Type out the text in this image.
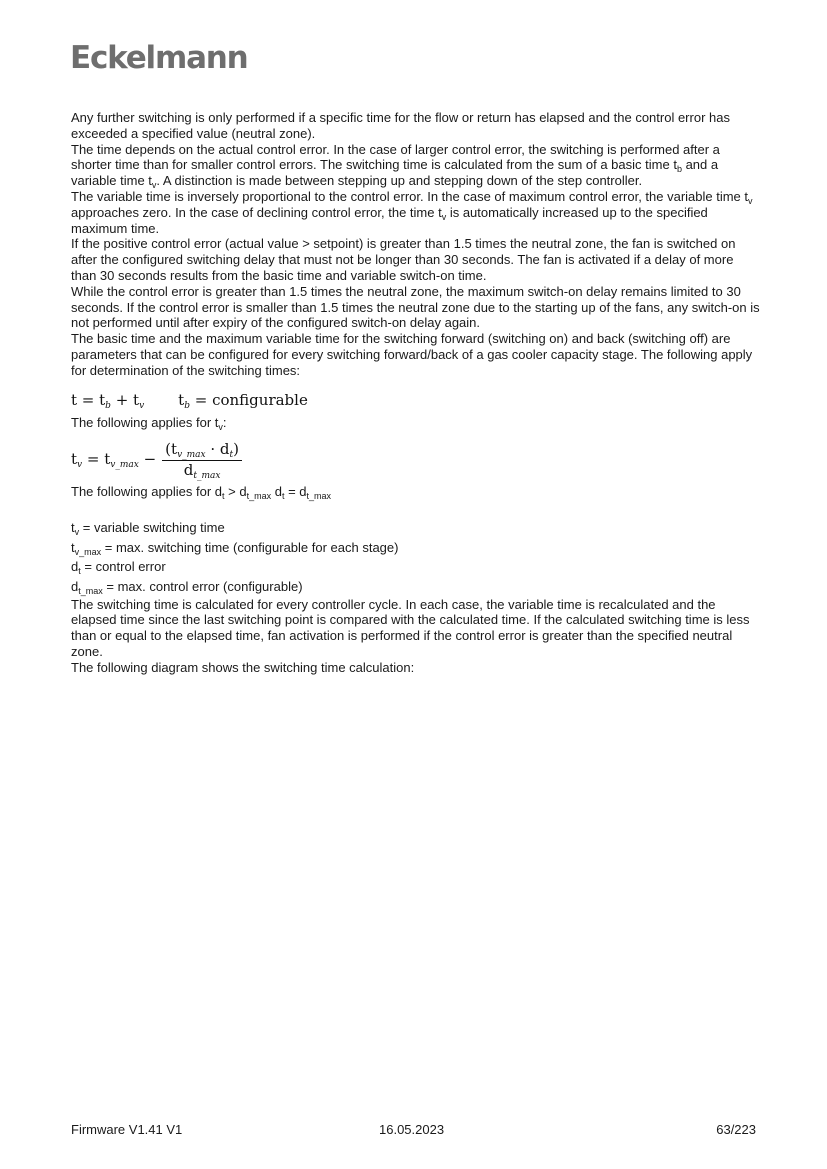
Eckelmann

Any further switching is only performed if a specific time for the flow or return has elapsed and the control error has exceeded a specified value (neutral zone).

The time depends on the actual control error. In the case of larger control error, the switching is performed after a shorter time than for smaller control errors. The switching time is calculated from the sum of a basic time $t_b$ and a variable time $t_v$. A distinction is made between stepping up and stepping down of the step controller.

The variable time is inversely proportional to the control error. In the case of maximum control error, the variable time $t_v$ approaches zero. In the case of declining control error, the time $t_v$ is automatically increased up to the specified maximum time.

If the positive control error (actual value > setpoint) is greater than 1.5 times the neutral zone, the fan is switched on after the configured switching delay that must not be longer than 30 seconds. The fan is activated if a delay of more than 30 seconds results from the basic time and variable switch-on time.

While the control error is greater than 1.5 times the neutral zone, the maximum switch-on delay remains limited to 30 seconds. If the control error is smaller than 1.5 times the neutral zone due to the starting up of the fans, any switch-on is not performed until after expiry of the configured switch-on delay again.

The basic time and the maximum variable time for the switching forward (switching on) and back (switching off) are parameters that can be configured for every switching forward/back of a gas cooler capacity stage. The following apply for determination of the switching times:

$t = t_b + t_v$ $t_b$ = configurable

The following applies for $t_v$:

$t_v = t_{v\_max} - \frac{(t_{v\_max} \cdot d_t)}{d_{t\_max}}$

The following applies for $d_t > d_{t\_max}$ $d_t = d_{t\_max}$

$t_v$ = variable switching time

$t_{v\_max} = \max$. switching time (configurable for each stage)

$d_t$ = control error

$d_{t\_max} = \max$. control error (configurable)

The switching time is calculated for every controller cycle. In each case, the variable time is recalculated and the elapsed time since the last switching point is compared with the calculated time. If the calculated switching time is less than or equal to the elapsed time, fan activation is performed if the control error is greater than the specified neutral zone.

The following diagram shows the switching time calculation:

Firmware V1.41 V1	16.05.2023	63/223
